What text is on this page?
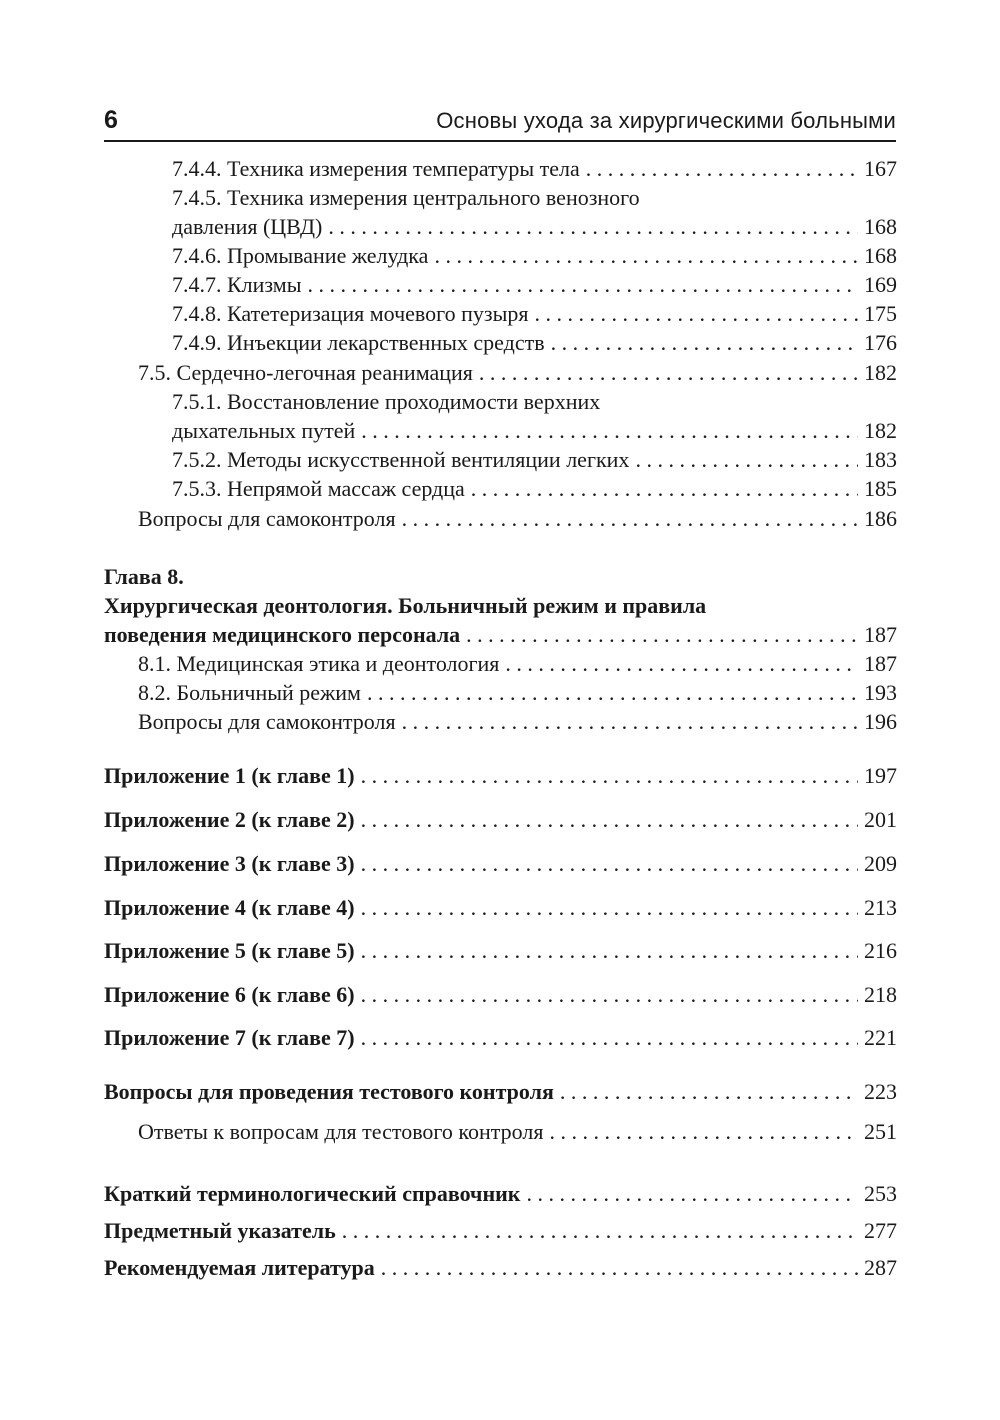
6	Основы ухода за хирургическими больными
7.4.4. Техника измерения температуры тела . . .	167
7.4.5. Техника измерения центрального венозного
давления (ЦВД) . . .	168
7.4.6. Промывание желудка . . .	168
7.4.7. Клизмы . . .	169
7.4.8. Катетеризация мочевого пузыря . . .	175
7.4.9. Инъекции лекарственных средств . . .	176
7.5. Сердечно-легочная реанимация . . .	182
7.5.1. Восстановление проходимости верхних
дыхательных путей . . .	182
7.5.2. Методы искусственной вентиляции легких . . .	183
7.5.3. Непрямой массаж сердца . . .	185
Вопросы для самоконтроля . . .	186
Глава 8.
Хирургическая деонтология. Больничный режим и правила
поведения медицинского персонала . . .	187
8.1. Медицинская этика и деонтология . . .	187
8.2. Больничный режим . . .	193
Вопросы для самоконтроля . . .	196
Приложение 1 (к главе 1) . . .	197
Приложение 2 (к главе 2) . . .	201
Приложение 3 (к главе 3) . . .	209
Приложение 4 (к главе 4) . . .	213
Приложение 5 (к главе 5) . . .	216
Приложение 6 (к главе 6) . . .	218
Приложение 7 (к главе 7) . . .	221
Вопросы для проведения тестового контроля . . .	223
Ответы к вопросам для тестового контроля . . .	251
Краткий терминологический справочник . . .	253
Предметный указатель . . .	277
Рекомендуемая литература . . .	287
